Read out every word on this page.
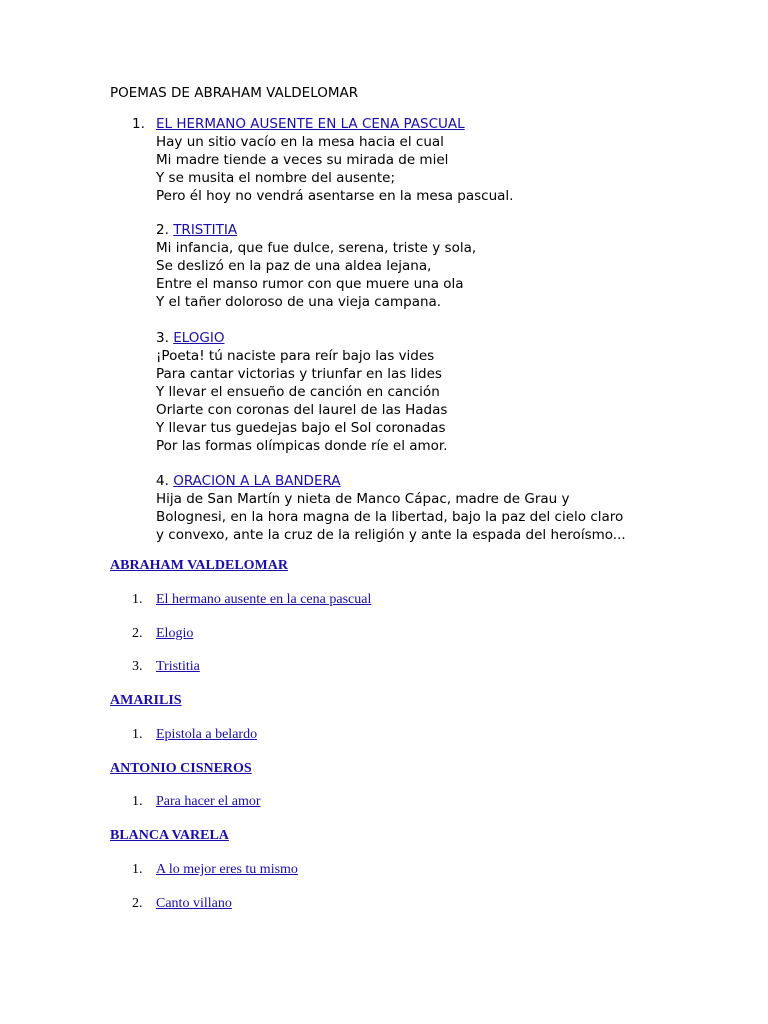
POEMAS DE ABRAHAM VALDELOMAR

1. EL HERMANO AUSENTE EN LA CENA PASCUAL
Hay un sitio vacío en la mesa hacia el cual
Mi madre tiende a veces su mirada de miel
Y se musita el nombre del ausente;
Pero él hoy no vendrá asentarse en la mesa pascual.
2. TRISTITIA
Mi infancia, que fue dulce, serena, triste y sola,
Se deslizó en la paz de una aldea lejana,
Entre el manso rumor con que muere una ola
Y el tañer doloroso de una vieja campana.
3. ELOGIO
¡Poeta! tú naciste para reír bajo las vides
Para cantar victorias y triunfar en las lides
Y llevar el ensueño de canción en canción
Orlarte con coronas del laurel de las Hadas
Y llevar tus guedejas bajo el Sol coronadas
Por las formas olímpicas donde ríe el amor.
4. ORACION A LA BANDERA
Hija de San Martín y nieta de Manco Cápac, madre de Grau y
Bolognesi, en la hora magna de la libertad, bajo la paz del cielo claro
y convexo, ante la cruz de la religión y ante la espada del heroísmo...
ABRAHAM VALDELOMAR
1. El hermano ausente en la cena pascual
2. Elogio
3. Tristitia
AMARILIS
1. Epistola a belardo
ANTONIO CISNEROS
1. Para hacer el amor
BLANCA VARELA
1. A lo mejor eres tu mismo
2. Canto villano
